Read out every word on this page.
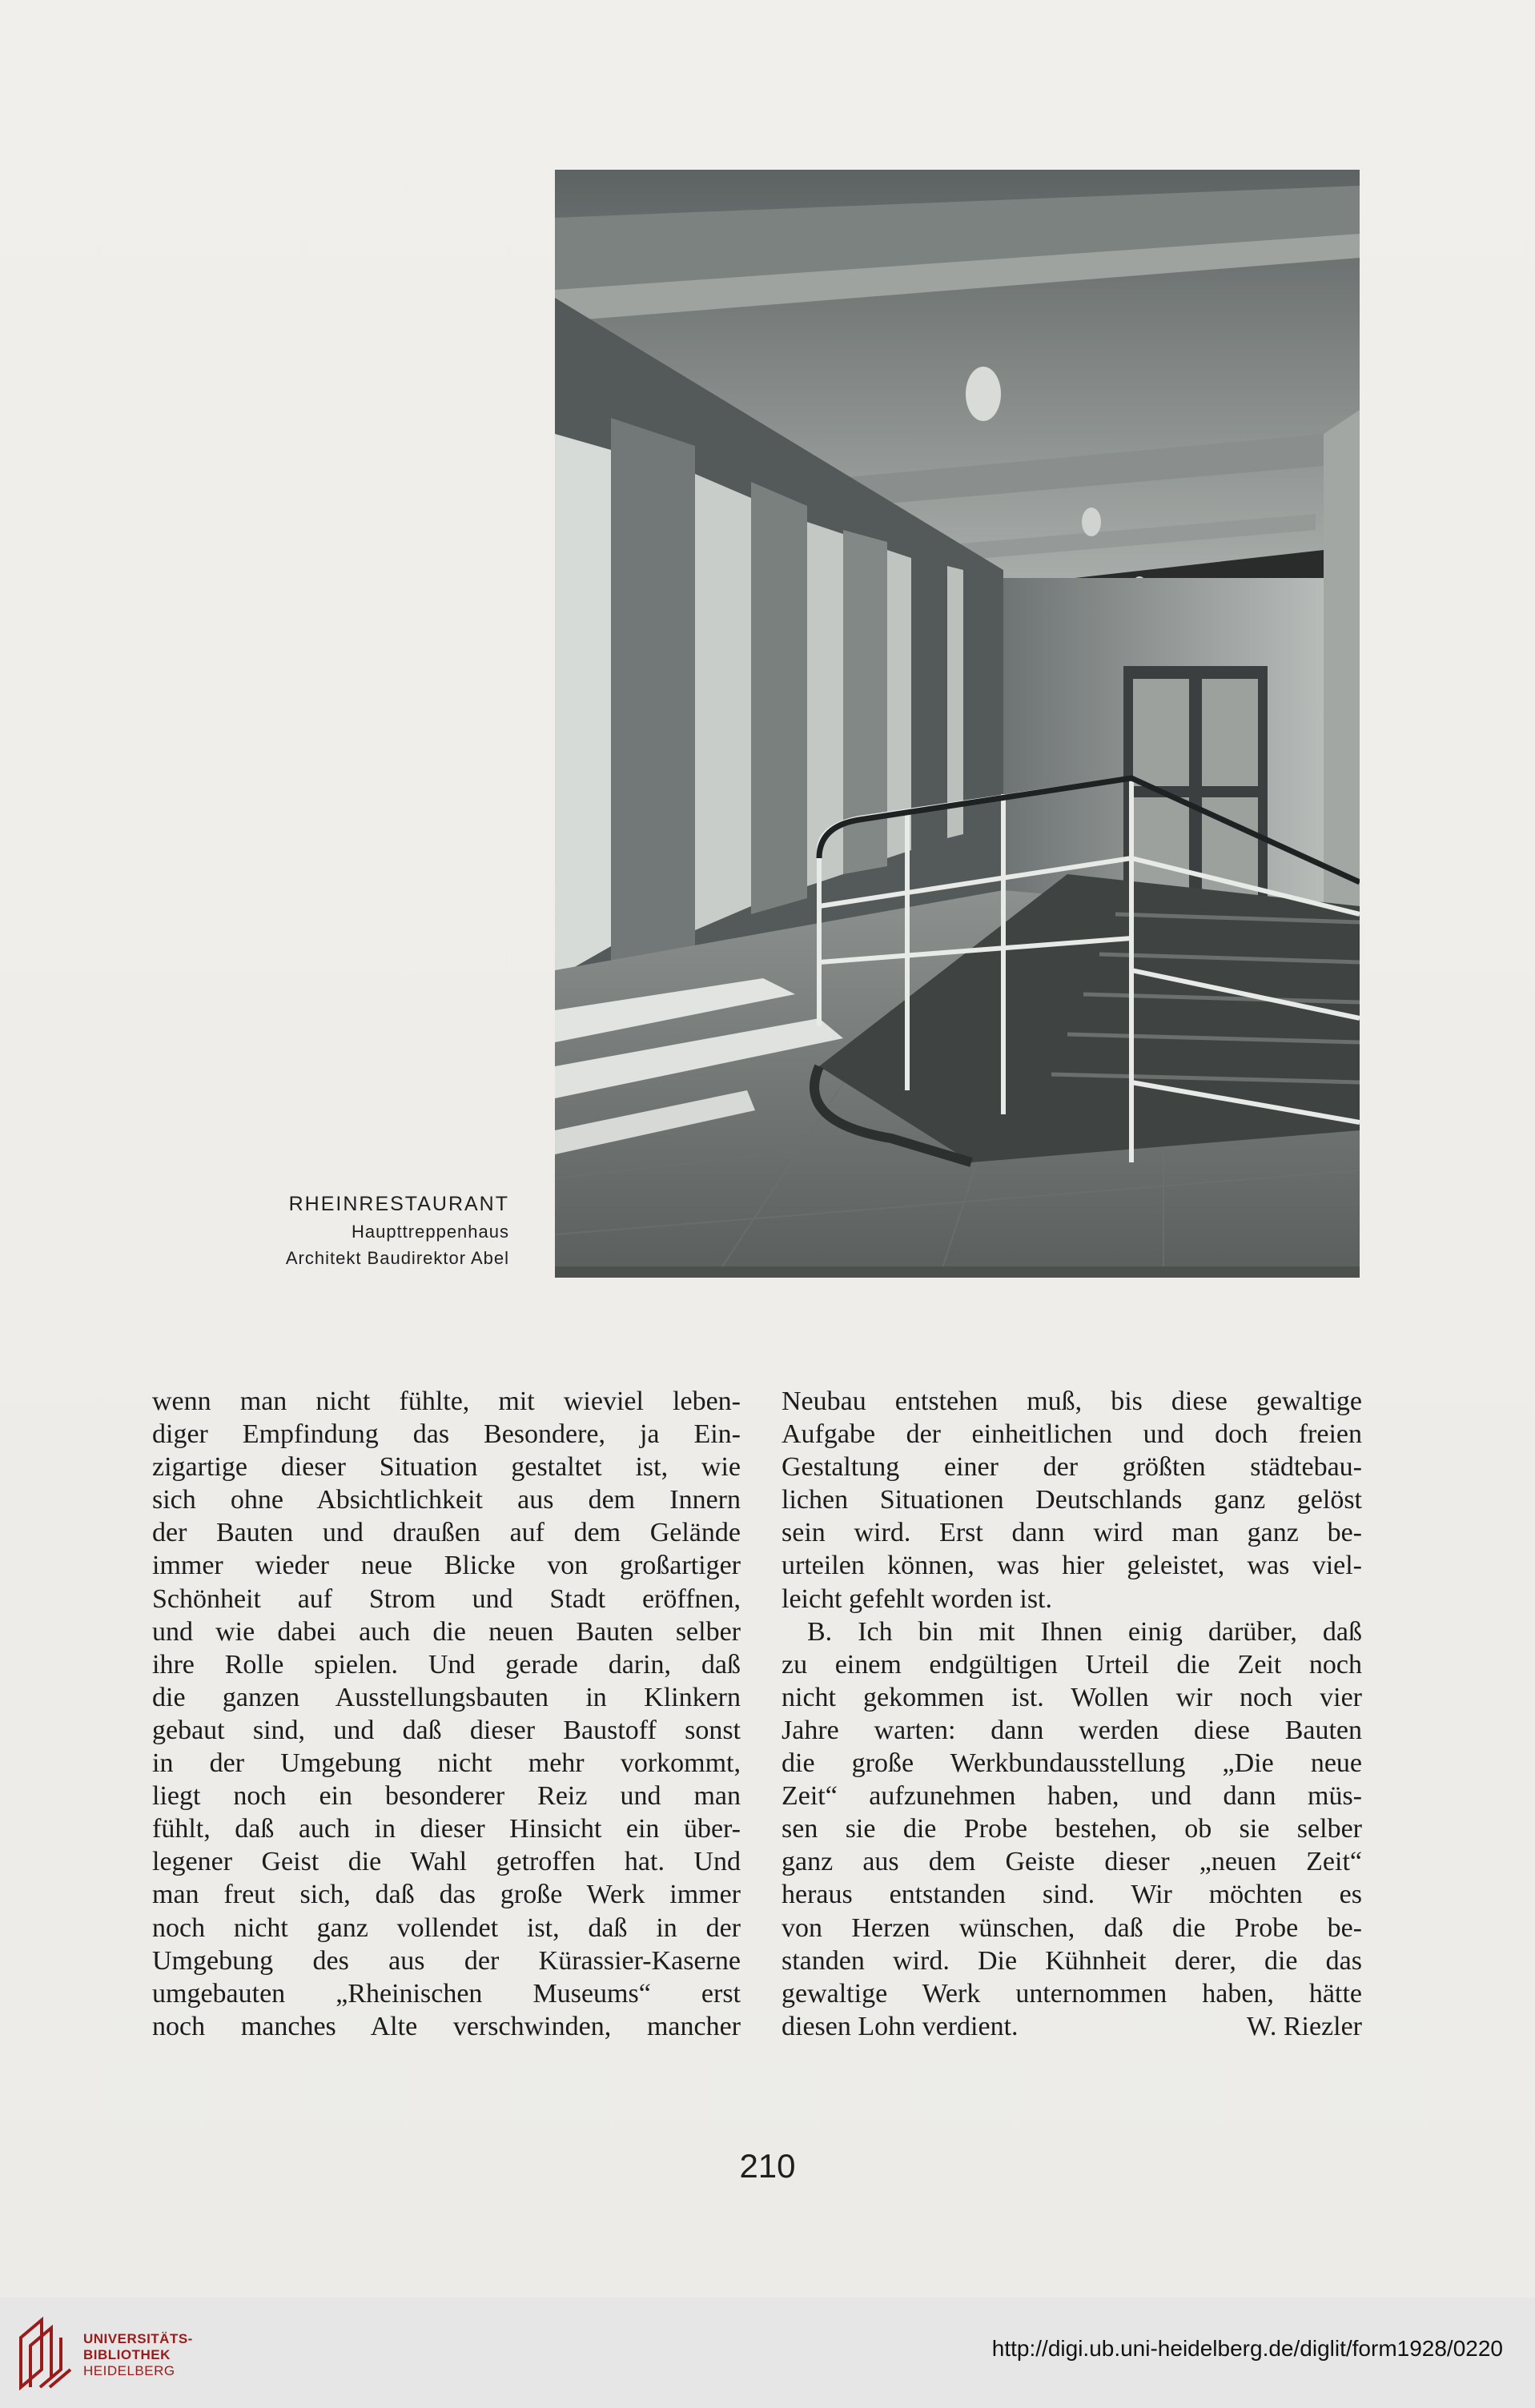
RHEINRESTAURANT
Haupttreppenhaus
Architekt Baudirektor Abel
wenn man nicht fühlte, mit wieviel leben-
diger Empfindung das Besondere, ja Ein-
zigartige dieser Situation gestaltet ist, wie
sich ohne Absichtlichkeit aus dem Innern
der Bauten und draußen auf dem Gelände
immer wieder neue Blicke von großartiger
Schönheit auf Strom und Stadt eröffnen,
und wie dabei auch die neuen Bauten selber
ihre Rolle spielen. Und gerade darin, daß
die ganzen Ausstellungsbauten in Klinkern
gebaut sind, und daß dieser Baustoff sonst
in der Umgebung nicht mehr vorkommt,
liegt noch ein besonderer Reiz und man
fühlt, daß auch in dieser Hinsicht ein über-
legener Geist die Wahl getroffen hat. Und
man freut sich, daß das große Werk immer
noch nicht ganz vollendet ist, daß in der
Umgebung des aus der Kürassier-Kaserne
umgebauten „Rheinischen Museums“ erst
noch manches Alte verschwinden, mancher
Neubau entstehen muß, bis diese gewaltige
Aufgabe der einheitlichen und doch freien
Gestaltung einer der größten städtebau-
lichen Situationen Deutschlands ganz gelöst
sein wird. Erst dann wird man ganz be-
urteilen können, was hier geleistet, was viel-
leicht gefehlt worden ist.
B. Ich bin mit Ihnen einig darüber, daß
zu einem endgültigen Urteil die Zeit noch
nicht gekommen ist. Wollen wir noch vier
Jahre warten: dann werden diese Bauten
die große Werkbundausstellung „Die neue
Zeit“ aufzunehmen haben, und dann müs-
sen sie die Probe bestehen, ob sie selber
ganz aus dem Geiste dieser „neuen Zeit“
heraus entstanden sind. Wir möchten es
von Herzen wünschen, daß die Probe be-
standen wird. Die Kühnheit derer, die das
gewaltige Werk unternommen haben, hätte
diesen Lohn verdient.	W. Riezler
210
UNIVERSITÄTS-
BIBLIOTHEK
HEIDELBERG
http://digi.ub.uni-heidelberg.de/diglit/form1928/0220
